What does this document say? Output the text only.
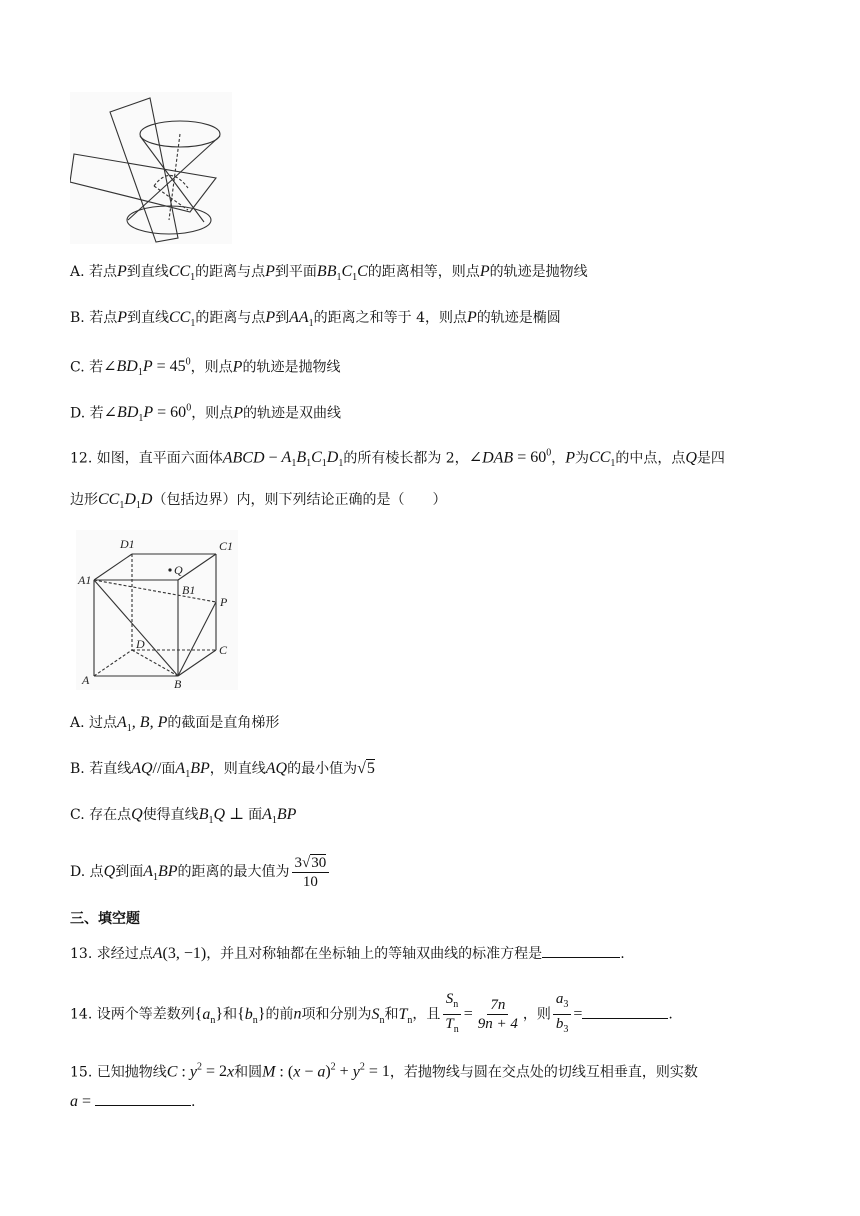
A. 若点P到直线$CC_1$的距离与点P到平面$BB_1C_1C$的距离相等，则点P的轨迹是抛物线
B. 若点P到直线$CC_1$的距离与点P到$AA_1$的距离之和等于 4，则点P的轨迹是椭圆
C. 若$\angle BD_1P = 45^0$，则点P的轨迹是抛物线
D. 若$\angle BD_1P = 60^0$，则点P的轨迹是双曲线
12. 如图，直平面六面体ABCD − $A_1B_1C_1D_1$的所有棱长都为 2，∠DAB = $60^0$，P为$CC_1$的中点，点Q是四
边形$CC_1D_1D$（包括边界）内，则下列结论正确的是（　　）
D1	C1
A1
Q
B1
P
D	C
A	B
A. 过点$A_1$, B, P的截面是直角梯形
B. 若直线AQ//面$A_1BP$，则直线AQ的最小值为√5
C. 存在点Q使得直线$B_1Q$ ⊥ 面$A_1BP$
D. 点Q到面$A_1BP$的距离的最大值为 $\frac{3√30}{10}$
三、填空题
13. 求经过点A(3, −1)，并且对称轴都在坐标轴上的等轴双曲线的标准方程是	.
14. 设两个等差数列$\{a_n\}$和$\{b_n\}$的前n项和分别为$S_n$和$T_n$，且 $\frac{S_n}{T_n} = \frac{7n}{9n + 4}$ ，则 $\frac{a_3}{b_3}$ =	.
15. 已知抛物线C : $y^2 = 2x$和圆M : $(x - a)^2 + y^2 = 1$，若抛物线与圆在交点处的切线互相垂直，则实数
a =	.
